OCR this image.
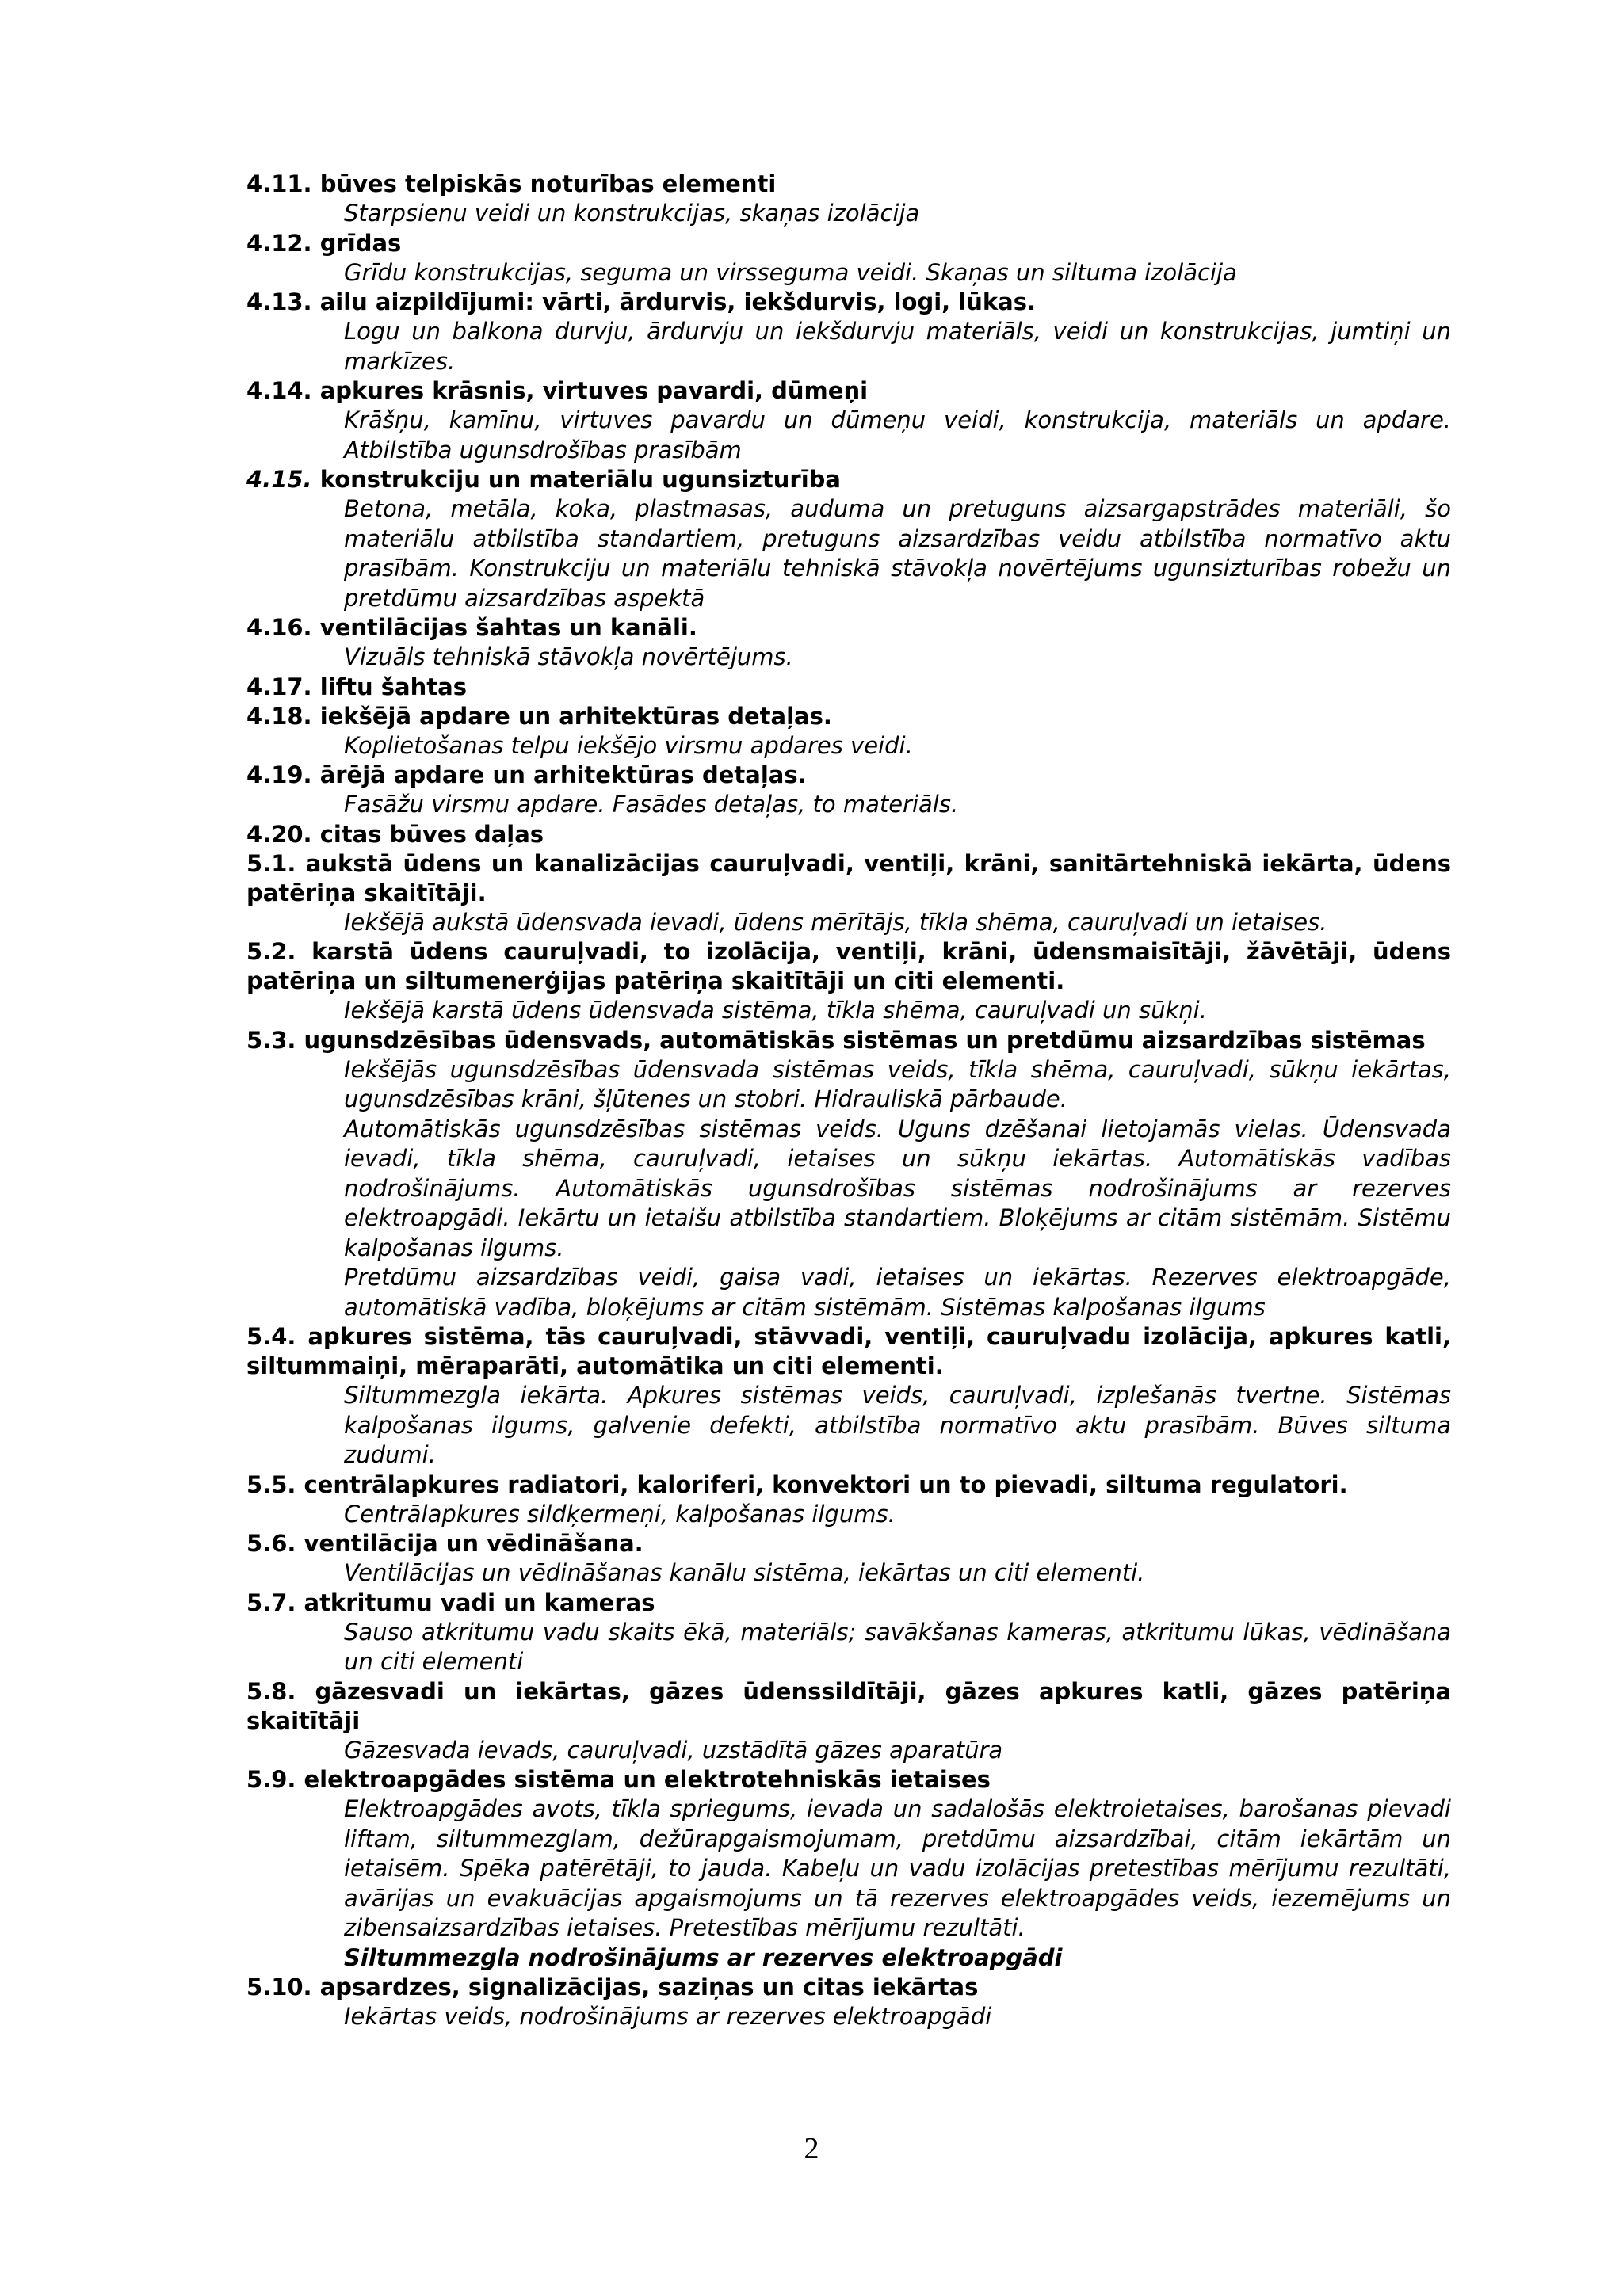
4.11. būves telpiskās noturības elementi

Starpsienu veidi un konstrukcijas, skaņas izolācija

4.12. grīdas

Grīdu konstrukcijas, seguma un virsseguma veidi. Skaņas un siltuma izolācija

4.13. ailu aizpildījumi: vārti, ārdurvis, iekšdurvis, logi, lūkas.

Logu un balkona durvju, ārdurvju un iekšdurvju materiāls, veidi un konstrukcijas, jumtiņi un markīzes.

4.14. apkures krāsnis, virtuves pavardi, dūmeņi

Krāšņu, kamīnu, virtuves pavardu un dūmeņu veidi, konstrukcija, materiāls un apdare. Atbilstība ugunsdrošības prasībām

4.15. konstrukciju un materiālu ugunsizturība

Betona, metāla, koka, plastmasas, auduma un pretuguns aizsargapstrādes materiāli, šo materiālu atbilstība standartiem, pretuguns aizsardzības veidu atbilstība normatīvo aktu prasībām. Konstrukciju un materiālu tehniskā stāvokļa novērtējums ugunsizturības robežu un pretdūmu aizsardzības aspektā

4.16. ventilācijas šahtas un kanāli.

Vizuāls tehniskā stāvokļa novērtējums.

4.17. liftu šahtas
4.18. iekšējā apdare un arhitektūras detaļas.

Koplietošanas telpu iekšējo virsmu apdares veidi.

4.19. ārējā apdare un arhitektūras detaļas.

Fasāžu virsmu apdare. Fasādes detaļas, to materiāls.

4.20. citas būves daļas
5.1. aukstā ūdens un kanalizācijas cauruļvadi, ventiļi, krāni, sanitārtehniskā iekārta, ūdens patēriņa skaitītāji.

Iekšējā aukstā ūdensvada ievadi, ūdens mērītājs, tīkla shēma, cauruļvadi un ietaises.

5.2. karstā ūdens cauruļvadi, to izolācija, ventiļi, krāni, ūdensmaisītāji, žāvētāji, ūdens patēriņa un siltumenerģijas patēriņa skaitītāji un citi elementi.

Iekšējā karstā ūdens ūdensvada sistēma, tīkla shēma, cauruļvadi un sūkņi.

5.3. ugunsdzēsības ūdensvads, automātiskās sistēmas un pretdūmu aizsardzības sistēmas

Iekšējās ugunsdzēsības ūdensvada sistēmas veids, tīkla shēma, cauruļvadi, sūkņu iekārtas, ugunsdzēsības krāni, šļūtenes un stobri. Hidrauliskā pārbaude.

Automātiskās ugunsdzēsības sistēmas veids. Uguns dzēšanai lietojamās vielas. Ūdensvada ievadi, tīkla shēma, cauruļvadi, ietaises un sūkņu iekārtas. Automātiskās vadības nodrošinājums. Automātiskās ugunsdrošības sistēmas nodrošinājums ar rezerves elektroapgādi. Iekārtu un ietaišu atbilstība standartiem. Bloķējums ar citām sistēmām. Sistēmu kalpošanas ilgums.

Pretdūmu aizsardzības veidi, gaisa vadi, ietaises un iekārtas. Rezerves elektroapgāde, automātiskā vadība, bloķējums ar citām sistēmām. Sistēmas kalpošanas ilgums

5.4. apkures sistēma, tās cauruļvadi, stāvvadi, ventiļi, cauruļvadu izolācija, apkures katli, siltummaiņi, mēraparāti, automātika un citi elementi.

Siltummezgla iekārta. Apkures sistēmas veids, cauruļvadi, izplešanās tvertne. Sistēmas kalpošanas ilgums, galvenie defekti, atbilstība normatīvo aktu prasībām. Būves siltuma zudumi.

5.5. centrālapkures radiatori, kaloriferi, konvektori un to pievadi, siltuma regulatori.

Centrālapkures sildķermeņi, kalpošanas ilgums.

5.6. ventilācija un vēdināšana.

Ventilācijas un vēdināšanas kanālu sistēma, iekārtas un citi elementi.

5.7. atkritumu vadi un kameras

Sauso atkritumu vadu skaits ēkā, materiāls; savākšanas kameras, atkritumu lūkas, vēdināšana un citi elementi

5.8. gāzesvadi un iekārtas, gāzes ūdenssildītāji, gāzes apkures katli, gāzes patēriņa skaitītāji

Gāzesvada ievads, cauruļvadi, uzstādītā gāzes aparatūra

5.9. elektroapgādes sistēma un elektrotehniskās ietaises

Elektroapgādes avots, tīkla spriegums, ievada un sadalošās elektroietaises, barošanas pievadi liftam, siltummezglam, dežūrapgaismojumam, pretdūmu aizsardzībai, citām iekārtām un ietaisēm. Spēka patērētāji, to jauda. Kabeļu un vadu izolācijas pretestības mērījumu rezultāti, avārijas un evakuācijas apgaismojums un tā rezerves elektroapgādes veids, iezemējums un zibensaizsardzības ietaises. Pretestības mērījumu rezultāti.

Siltummezgla nodrošinājums ar rezerves elektroapgādi

5.10. apsardzes, signalizācijas, saziņas un citas iekārtas

Iekārtas veids, nodrošinājums ar rezerves elektroapgādi

2
